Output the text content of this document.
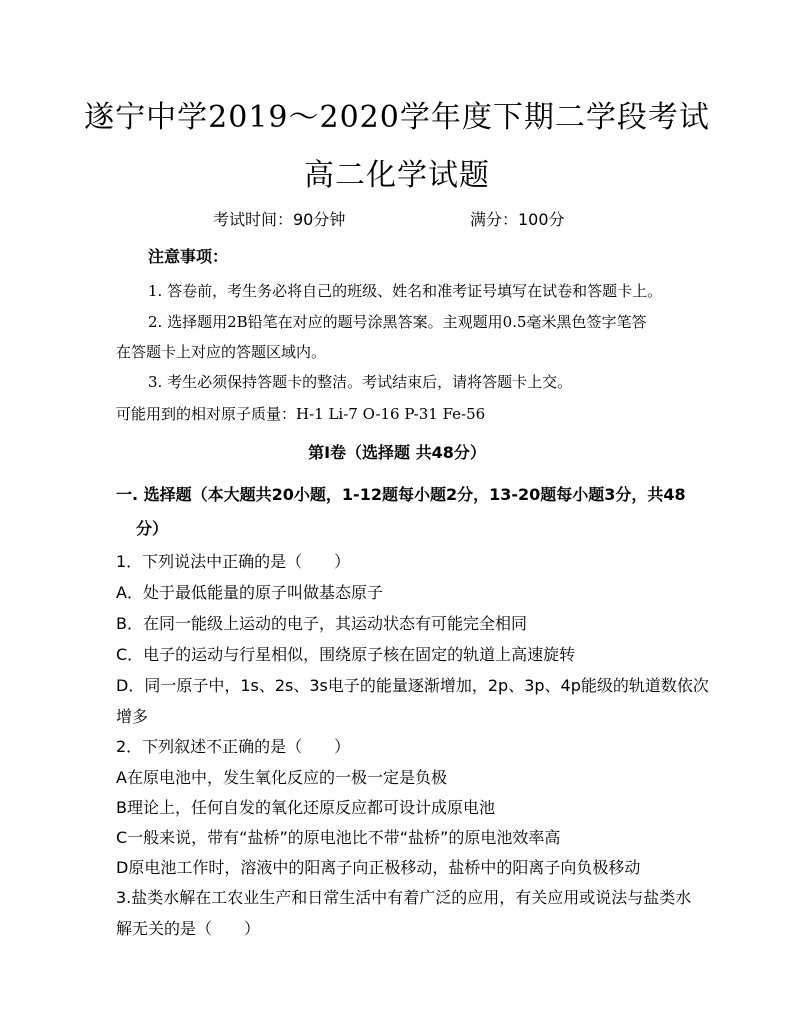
遂宁中学2019～2020学年度下期二学段考试
高二化学试题
考试时间：90分钟	满分：100分
注意事项：
1. 答卷前，考生务必将自己的班级、姓名和准考证号填写在试卷和答题卡上。
2. 选择题用2B铅笔在对应的题号涂黑答案。主观题用0.5毫米黑色签字笔答
在答题卡上对应的答题区域内。
3. 考生必须保持答题卡的整洁。考试结束后，请将答题卡上交。
可能用到的相对原子质量：H-1 Li-7 O-16 P-31 Fe-56
第Ⅰ卷（选择题 共48分）
一. 选择题（本大题共20小题，1-12题每小题2分，13-20题每小题3分，共48
分）
1．下列说法中正确的是（　　）
A．处于最低能量的原子叫做基态原子
B．在同一能级上运动的电子，其运动状态有可能完全相同
C．电子的运动与行星相似，围绕原子核在固定的轨道上高速旋转
D．同一原子中，1s、2s、3s电子的能量逐渐增加，2p、3p、4p能级的轨道数依次
增多
2．下列叙述不正确的是（　　）
A在原电池中，发生氧化反应的一极一定是负极
B理论上，任何自发的氧化还原反应都可设计成原电池
C一般来说，带有“盐桥”的原电池比不带“盐桥”的原电池效率高
D原电池工作时，溶液中的阳离子向正极移动，盐桥中的阳离子向负极移动
3.盐类水解在工农业生产和日常生活中有着广泛的应用，有关应用或说法与盐类水
解无关的是（　　）
